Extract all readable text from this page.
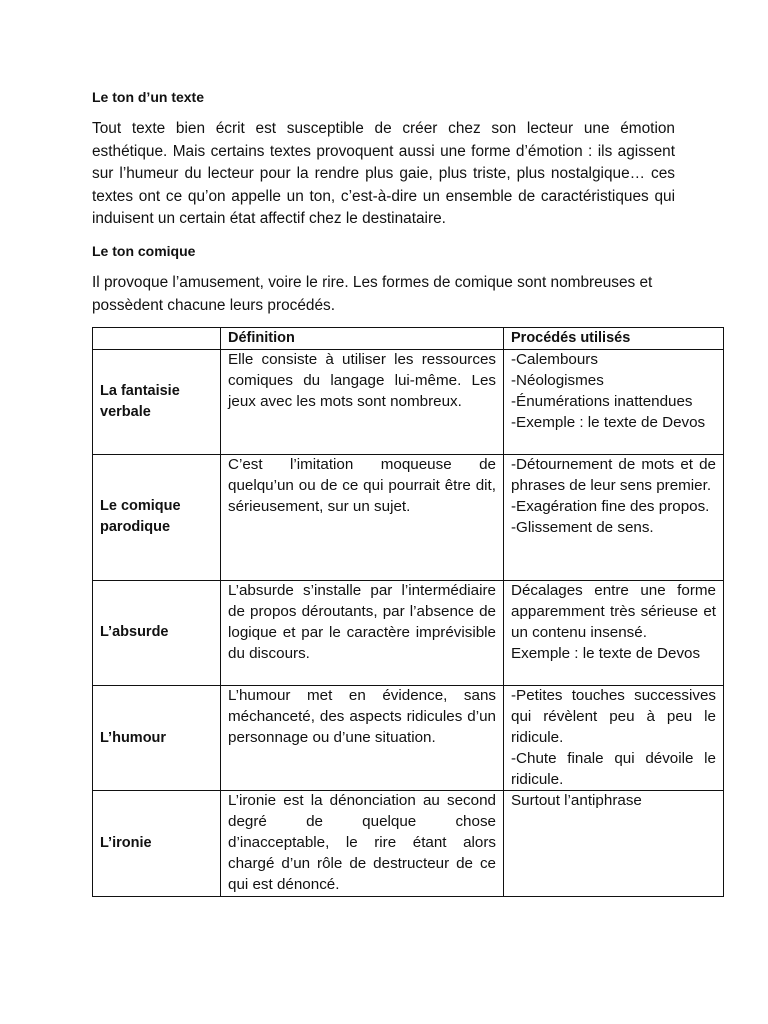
Le ton d’un texte

Tout texte bien écrit est susceptible de créer chez son lecteur une émotion esthétique. Mais certains textes provoquent aussi une forme d’émotion : ils agissent sur l’humeur du lecteur pour la rendre plus gaie, plus triste, plus nostalgique… ces textes ont ce qu’on appelle un ton, c’est-à-dire un ensemble de caractéristiques qui induisent un certain état affectif chez le destinataire.

Le ton comique

Il provoque l’amusement, voire le rire. Les formes de comique sont nombreuses et possèdent chacune leurs procédés.

	Définition	Procédés utilisés
La fantaisie verbale	Elle consiste à utiliser les ressources comiques du langage lui-même. Les jeux avec les mots sont nombreux.	-Calembours
-Néologismes
-Énumérations inattendues
-Exemple : le texte de Devos

Le comique parodique	C’est l’imitation moqueuse de quelqu’un ou de ce qui pourrait être dit, sérieusement, sur un sujet.	-Détournement de mots et de phrases de leur sens premier.
-Exagération fine des propos.
-Glissement de sens.

L’absurde	L’absurde s’installe par l’intermédiaire de propos déroutants, par l’absence de logique et par le caractère imprévisible du discours.	Décalages entre une forme apparemment très sérieuse et un contenu insensé.
Exemple : le texte de Devos

L’humour	L’humour met en évidence, sans méchanceté, des aspects ridicules d’un personnage ou d’une situation.	-Petites touches successives qui révèlent peu à peu le ridicule.
-Chute finale qui dévoile le ridicule.

L’ironie	L’ironie est la dénonciation au second degré de quelque chose d’inacceptable, le rire étant alors chargé d’un rôle de destructeur de ce qui est dénoncé.	Surtout l’antiphrase
